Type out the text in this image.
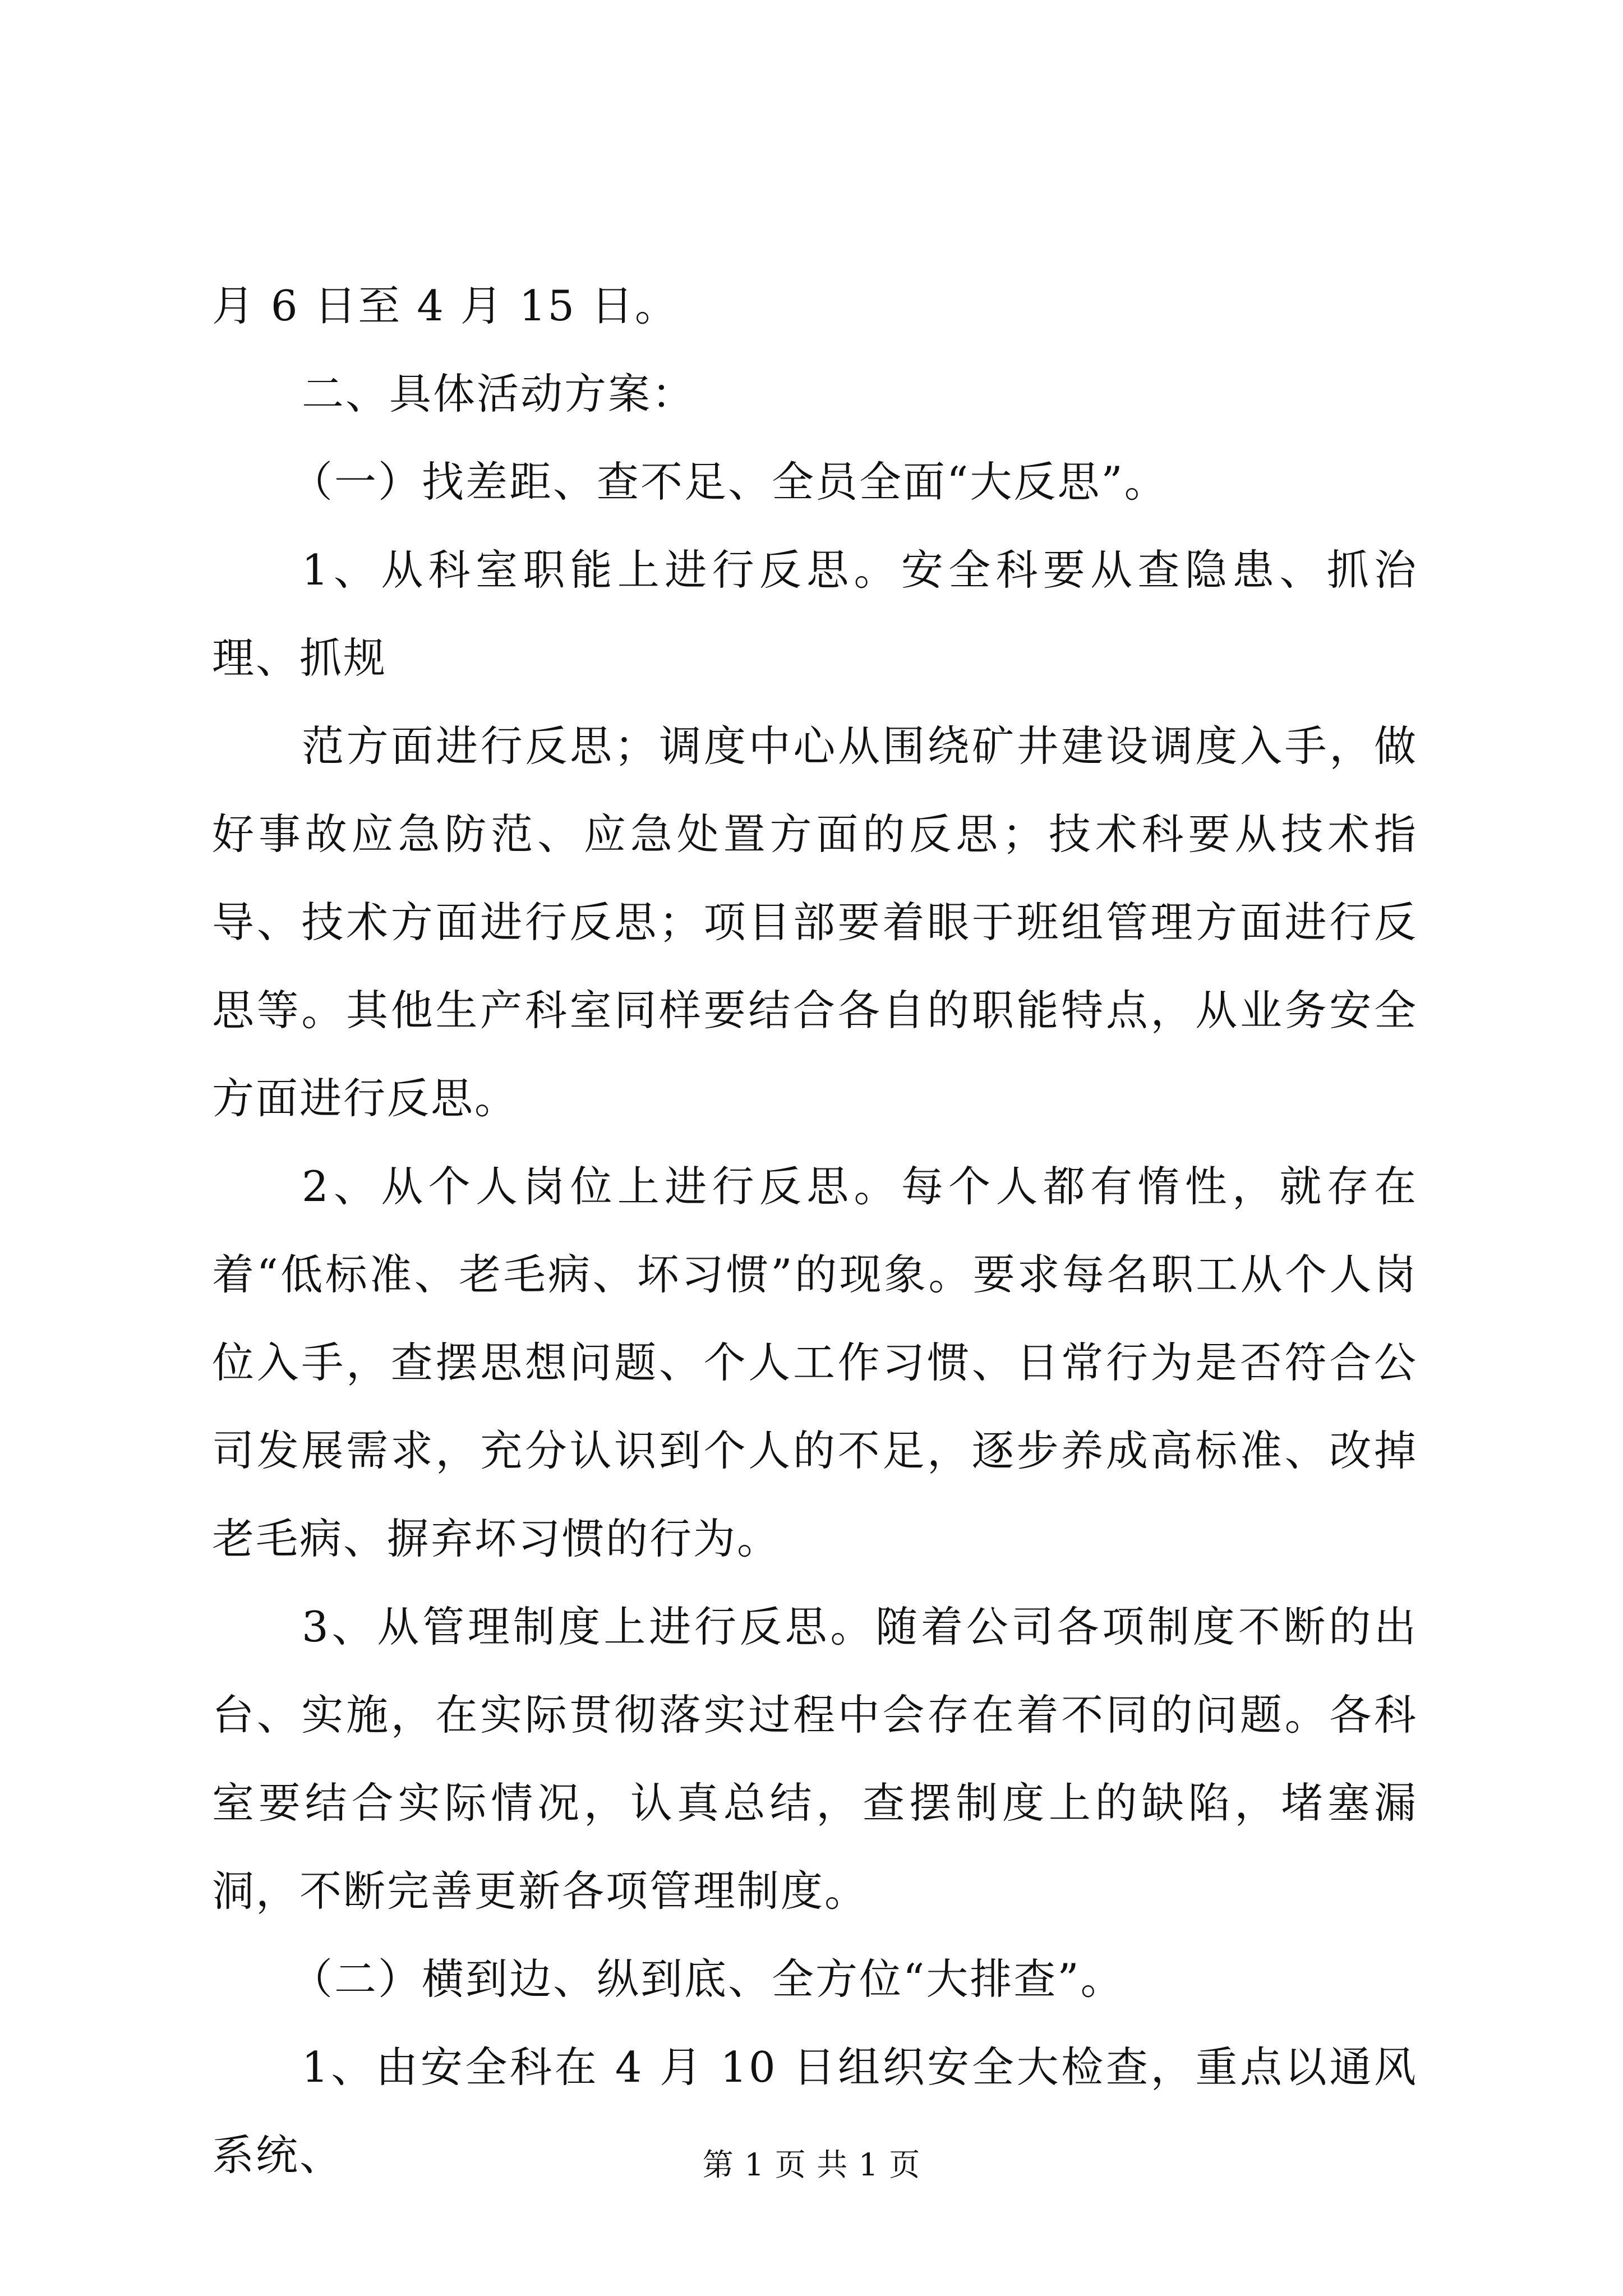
月 6 日至 4 月 15 日。

二、具体活动方案：

（一）找差距、查不足、全员全面“大反思”。

1、从科室职能上进行反思。安全科要从查隐患、抓治理、抓规

范方面进行反思；调度中心从围绕矿井建设调度入手，做好事故应急防范、应急处置方面的反思；技术科要从技术指导、技术方面进行反思；项目部要着眼于班组管理方面进行反思等。其他生产科室同样要结合各自的职能特点，从业务安全方面进行反思。

2、从个人岗位上进行反思。每个人都有惰性，就存在着“低标准、老毛病、坏习惯”的现象。要求每名职工从个人岗位入手，查摆思想问题、个人工作习惯、日常行为是否符合公司发展需求，充分认识到个人的不足，逐步养成高标准、改掉老毛病、摒弃坏习惯的行为。

3、从管理制度上进行反思。随着公司各项制度不断的出台、实施，在实际贯彻落实过程中会存在着不同的问题。各科室要结合实际情况，认真总结，查摆制度上的缺陷，堵塞漏洞，不断完善更新各项管理制度。

（二）横到边、纵到底、全方位“大排查”。

1、由安全科在 4 月 10 日组织安全大检查，重点以通风系统、	第 1 页 共 1 页
